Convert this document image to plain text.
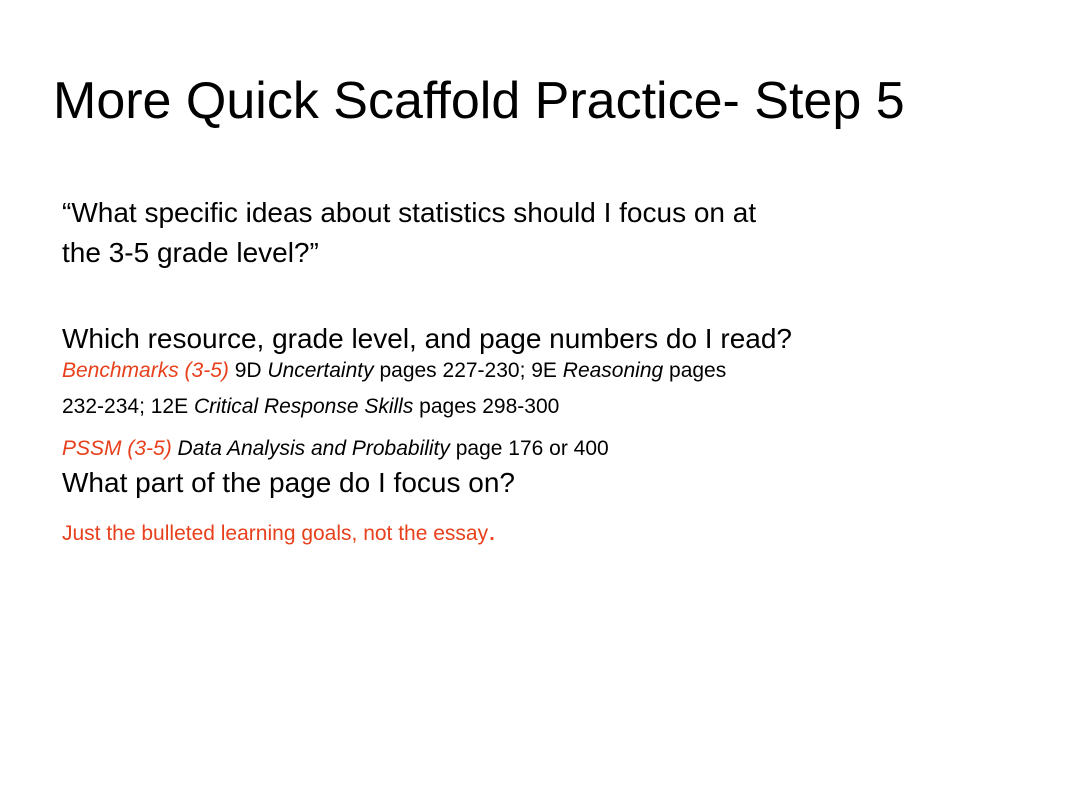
More Quick Scaffold Practice- Step 5

“What specific ideas about statistics should I focus on at

the 3-5 grade level?”

Which resource, grade level, and page numbers do I read?

Benchmarks (3-5) 9D Uncertainty pages 227-230; 9E Reasoning pages

232-234; 12E Critical Response Skills pages 298-300

PSSM (3-5) Data Analysis and Probability page 176 or 400

What part of the page do I focus on?

Just the bulleted learning goals, not the essay.
